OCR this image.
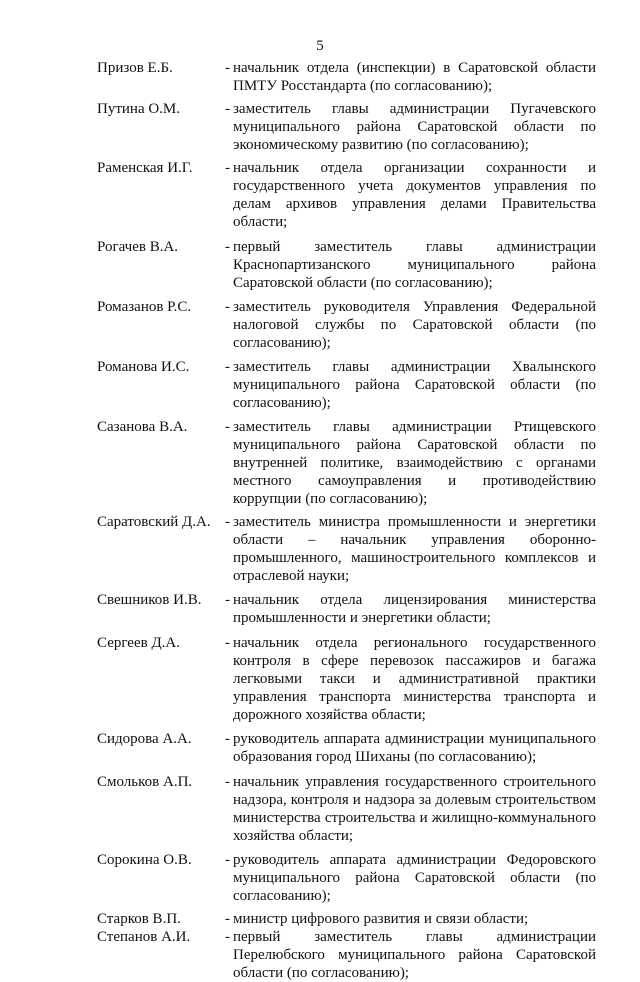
5
Призов Е.Б.	- начальник отдела (инспекции) в Саратовской области ПМТУ Росстандарта (по согласованию);
Путина О.М.	- заместитель главы администрации Пугачевского муниципального района Саратовской области по экономическому развитию (по согласованию);
Раменская И.Г. - начальник отдела организации сохранности и государственного учета документов управления по делам архивов управления делами Правительства области;
Рогачев В.А.	- первый заместитель главы администрации Краснопартизанского муниципального района Саратовской области (по согласованию);
Ромазанов Р.С. - заместитель руководителя Управления Федеральной налоговой службы по Саратовской области (по согласованию);
Романова И.С. - заместитель главы администрации Хвалынского муниципального района Саратовской области (по согласованию);
Сазанова В.А.	- заместитель главы администрации Ртищевского муниципального района Саратовской области по внутренней политике, взаимодействию с органами местного самоуправления и противодействию коррупции (по согласованию);
Саратовский Д.А. - заместитель министра промышленности и энергетики области – начальник управления оборонно-промышленного, машиностроительного комплексов и отраслевой науки;
Свешников И.В. - начальник отдела лицензирования министерства промышленности и энергетики области;
Сергеев Д.А.	- начальник отдела регионального государственного контроля в сфере перевозок пассажиров и багажа легковыми такси и административной практики управления транспорта министерства транспорта и дорожного хозяйства области;
Сидорова А.А. - руководитель аппарата администрации муниципального образования город Шиханы (по согласованию);
Смольков А.П. - начальник управления государственного строительного надзора, контроля и надзора за долевым строительством министерства строительства и жилищно-коммунального хозяйства области;
Сорокина О.В. - руководитель аппарата администрации Федоровского муниципального района Саратовской области (по согласованию);
Старков В.П.	- министр цифрового развития и связи области;
Степанов А.И. - первый заместитель главы администрации Перелюбского муниципального района Саратовской области (по согласованию);
